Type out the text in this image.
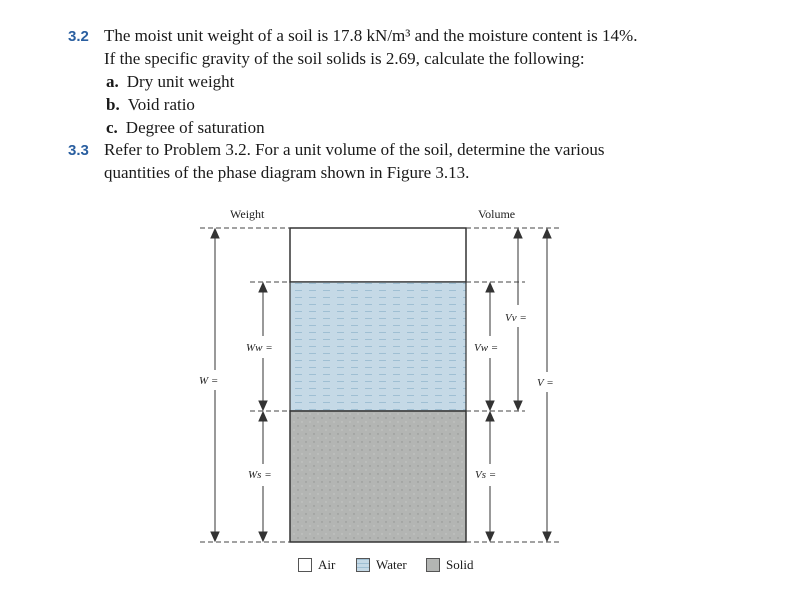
3.2 The moist unit weight of a soil is 17.8 kN/m³ and the moisture content is 14%.
If the specific gravity of the soil solids is 2.69, calculate the following:
a. Dry unit weight
b. Void ratio
c. Degree of saturation
3.3 Refer to Problem 3.2. For a unit volume of the soil, determine the various
quantities of the phase diagram shown in Figure 3.13.
Weight	Volume
W =
Ww =
Ws =
Vw =
Vs =
Vv =
V =
Air	Water	Solid
